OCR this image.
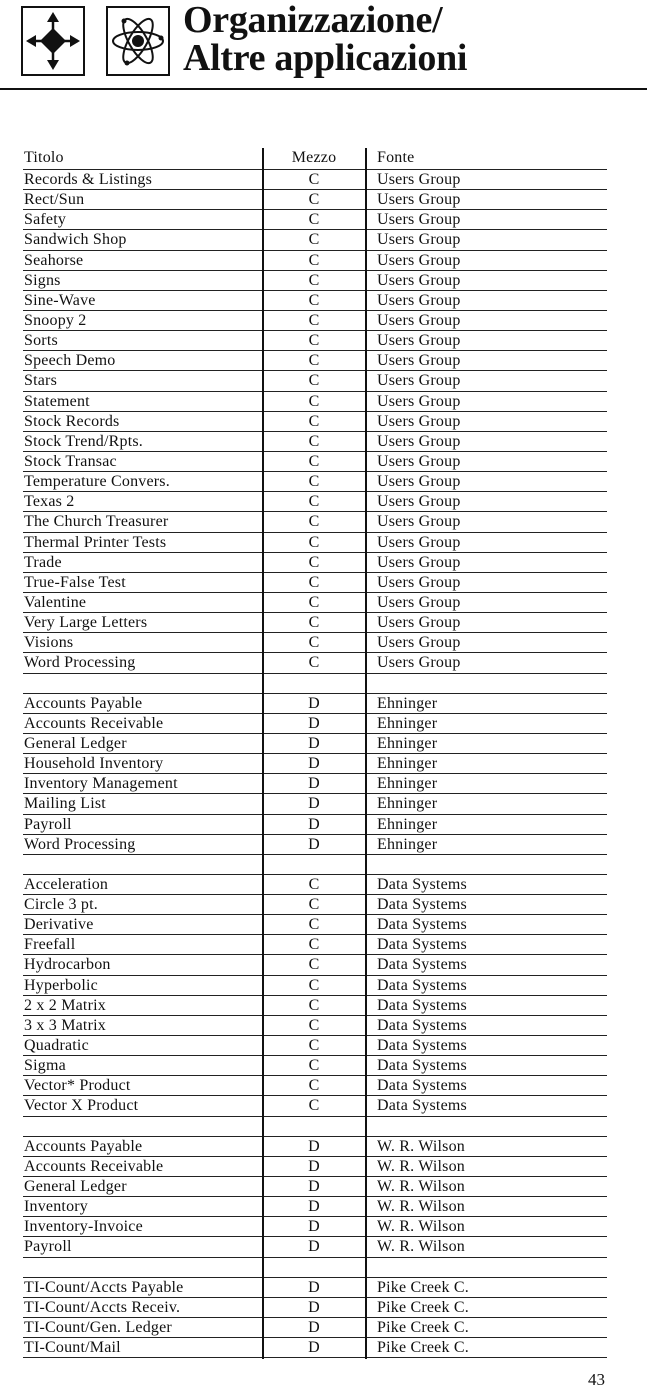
Organizzazione/
Altre applicazioni
Titolo	Mezzo	Fonte
Records & Listings	C	Users Group
Rect/Sun	C	Users Group
Safety	C	Users Group
Sandwich Shop	C	Users Group
Seahorse	C	Users Group
Signs	C	Users Group
Sine-Wave	C	Users Group
Snoopy 2	C	Users Group
Sorts	C	Users Group
Speech Demo	C	Users Group
Stars	C	Users Group
Statement	C	Users Group
Stock Records	C	Users Group
Stock Trend/Rpts.	C	Users Group
Stock Transac	C	Users Group
Temperature Convers.	C	Users Group
Texas 2	C	Users Group
The Church Treasurer	C	Users Group
Thermal Printer Tests	C	Users Group
Trade	C	Users Group
True-False Test	C	Users Group
Valentine	C	Users Group
Very Large Letters	C	Users Group
Visions	C	Users Group
Word Processing	C	Users Group
Accounts Payable	D	Ehninger
Accounts Receivable	D	Ehninger
General Ledger	D	Ehninger
Household Inventory	D	Ehninger
Inventory Management	D	Ehninger
Mailing List	D	Ehninger
Payroll	D	Ehninger
Word Processing	D	Ehninger
Acceleration	C	Data Systems
Circle 3 pt.	C	Data Systems
Derivative	C	Data Systems
Freefall	C	Data Systems
Hydrocarbon	C	Data Systems
Hyperbolic	C	Data Systems
2 x 2 Matrix	C	Data Systems
3 x 3 Matrix	C	Data Systems
Quadratic	C	Data Systems
Sigma	C	Data Systems
Vector* Product	C	Data Systems
Vector X Product	C	Data Systems
Accounts Payable	D	W. R. Wilson
Accounts Receivable	D	W. R. Wilson
General Ledger	D	W. R. Wilson
Inventory	D	W. R. Wilson
Inventory-Invoice	D	W. R. Wilson
Payroll	D	W. R. Wilson
TI-Count/Accts Payable	D	Pike Creek C.
TI-Count/Accts Receiv.	D	Pike Creek C.
TI-Count/Gen. Ledger	D	Pike Creek C.
TI-Count/Mail	D	Pike Creek C.
43
